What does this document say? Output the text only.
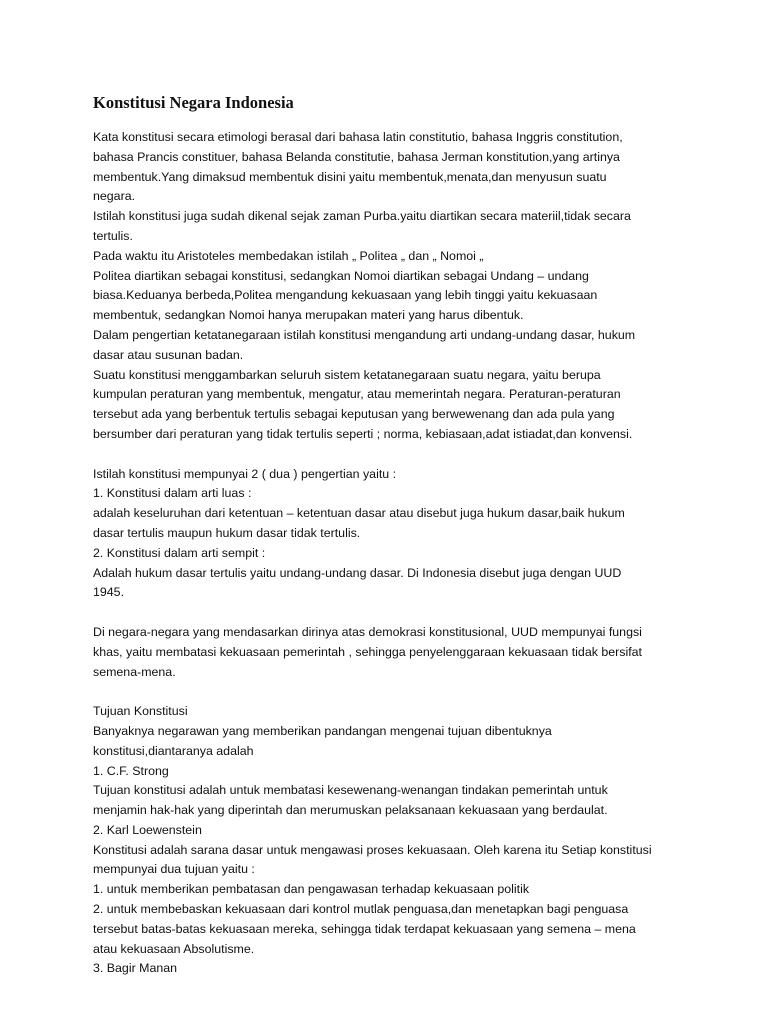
Konstitusi Negara Indonesia
Kata konstitusi secara etimologi berasal dari bahasa latin constitutio, bahasa Inggris constitution,
bahasa Prancis constituer, bahasa Belanda constitutie, bahasa Jerman konstitution,yang artinya
membentuk.Yang dimaksud membentuk disini yaitu membentuk,menata,dan menyusun suatu
negara.
Istilah konstitusi juga sudah dikenal sejak zaman Purba.yaitu diartikan secara materiil,tidak secara
tertulis.
Pada waktu itu Aristoteles membedakan istilah „ Politea „ dan „ Nomoi „
Politea diartikan sebagai konstitusi, sedangkan Nomoi diartikan sebagai Undang – undang
biasa.Keduanya berbeda,Politea mengandung kekuasaan yang lebih tinggi yaitu kekuasaan
membentuk, sedangkan Nomoi hanya merupakan materi yang harus dibentuk.
Dalam pengertian ketatanegaraan istilah konstitusi mengandung arti undang-undang dasar, hukum
dasar atau susunan badan.
Suatu konstitusi menggambarkan seluruh sistem ketatanegaraan suatu negara, yaitu berupa
kumpulan peraturan yang membentuk, mengatur, atau memerintah negara. Peraturan-peraturan
tersebut ada yang berbentuk tertulis sebagai keputusan yang berwewenang dan ada pula yang
bersumber dari peraturan yang tidak tertulis seperti ; norma, kebiasaan,adat istiadat,dan konvensi.
Istilah konstitusi mempunyai 2 ( dua ) pengertian yaitu :
1. Konstitusi dalam arti luas :
adalah keseluruhan dari ketentuan – ketentuan dasar atau disebut juga hukum dasar,baik hukum
dasar tertulis maupun hukum dasar tidak tertulis.
2. Konstitusi dalam arti sempit :
Adalah hukum dasar tertulis yaitu undang-undang dasar. Di Indonesia disebut juga dengan UUD
1945.
Di negara-negara yang mendasarkan dirinya atas demokrasi konstitusional, UUD mempunyai fungsi
khas, yaitu membatasi kekuasaan pemerintah , sehingga penyelenggaraan kekuasaan tidak bersifat
semena-mena.
Tujuan Konstitusi
Banyaknya negarawan yang memberikan pandangan mengenai tujuan dibentuknya
konstitusi,diantaranya adalah
1. C.F. Strong
Tujuan konstitusi adalah untuk membatasi kesewenang-wenangan tindakan pemerintah untuk
menjamin hak-hak yang diperintah dan merumuskan pelaksanaan kekuasaan yang berdaulat.
2. Karl Loewenstein
Konstitusi adalah sarana dasar untuk mengawasi proses kekuasaan. Oleh karena itu Setiap konstitusi
mempunyai dua tujuan yaitu :
1. untuk memberikan pembatasan dan pengawasan terhadap kekuasaan politik
2. untuk membebaskan kekuasaan dari kontrol mutlak penguasa,dan menetapkan bagi penguasa
tersebut batas-batas kekuasaan mereka, sehingga tidak terdapat kekuasaan yang semena – mena
atau kekuasaan Absolutisme.
3. Bagir Manan
